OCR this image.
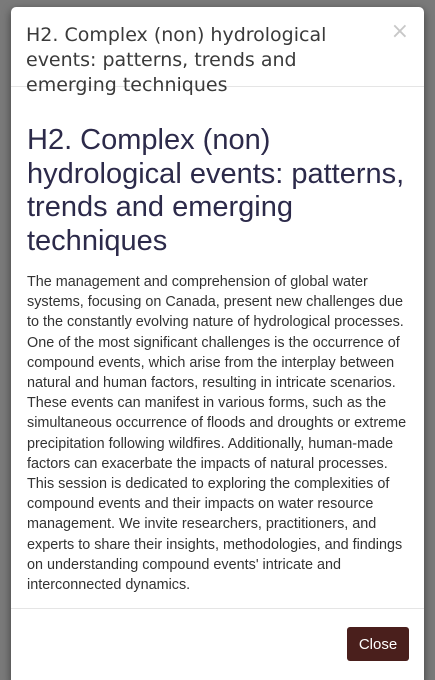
H2. Complex (non) hydrological events: patterns, trends and emerging techniques
×
H2. Complex (non) hydrological events: patterns, trends and emerging techniques

The management and comprehension of global water systems, focusing on Canada, present new challenges due to the constantly evolving nature of hydrological processes. One of the most significant challenges is the occurrence of compound events, which arise from the interplay between natural and human factors, resulting in intricate scenarios. These events can manifest in various forms, such as the simultaneous occurrence of floods and droughts or extreme precipitation following wildfires. Additionally, human-made factors can exacerbate the impacts of natural processes. This session is dedicated to exploring the complexities of compound events and their impacts on water resource management. We invite researchers, practitioners, and experts to share their insights, methodologies, and findings on understanding compound events' intricate and interconnected dynamics.

Close
